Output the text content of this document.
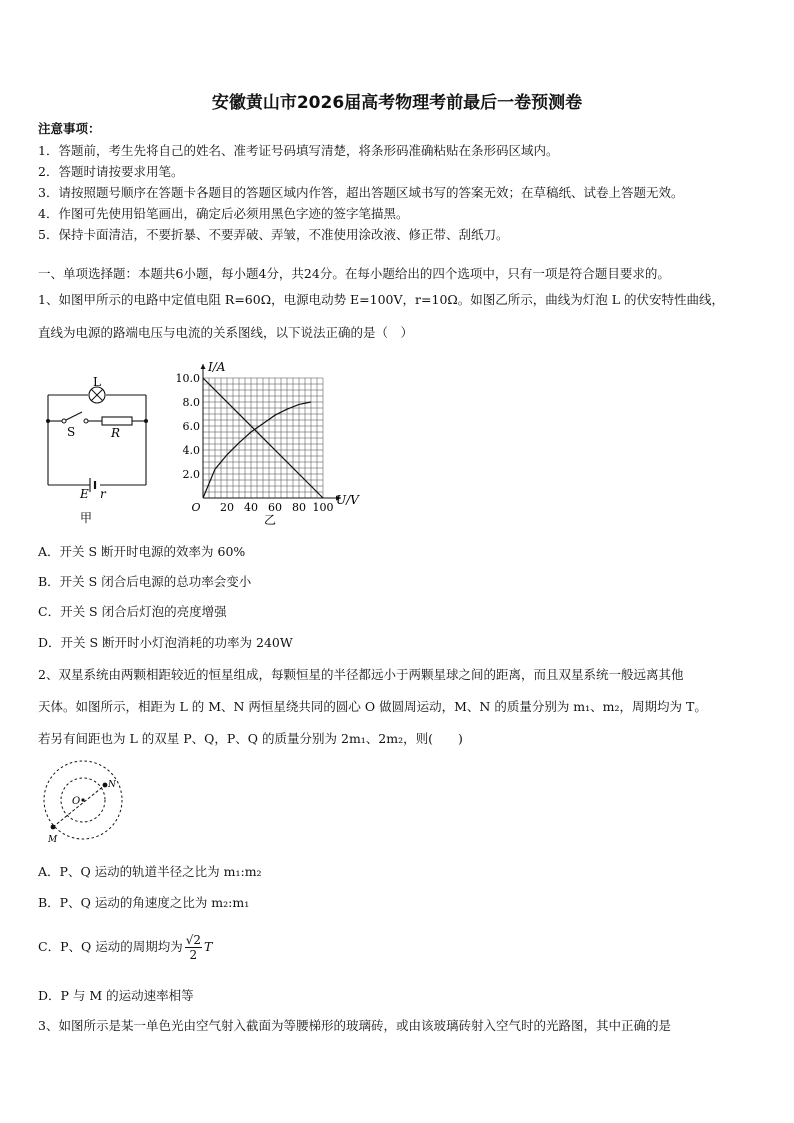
安徽黄山市2026届高考物理考前最后一卷预测卷
注意事项：
1．答题前，考生先将自己的姓名、准考证号码填写清楚，将条形码准确粘贴在条形码区域内。
2．答题时请按要求用笔。
3．请按照题号顺序在答题卡各题目的答题区域内作答，超出答题区域书写的答案无效；在草稿纸、试卷上答题无效。
4．作图可先使用铅笔画出，确定后必须用黑色字迹的签字笔描黑。
5．保持卡面清洁，不要折暴、不要弄破、弄皱，不准使用涂改液、修正带、刮纸刀。
一、单项选择题：本题共6小题，每小题4分，共24分。在每小题给出的四个选项中，只有一项是符合题目要求的。
1、如图甲所示的电路中定值电阻 R=60Ω，电源电动势 E=100V，r=10Ω。如图乙所示，曲线为灯泡 L 的伏安特性曲线，
直线为电源的路端电压与电流的关系图线，以下说法正确的是（　）
L
S	R
E r
甲
O 20 40 60 80 100
2.0
4.0
6.0
8.0
10.0
I/A
U/V
乙
A．开关 S 断开时电源的效率为 60%
B．开关 S 闭合后电源的总功率会变小
C．开关 S 闭合后灯泡的亮度增强
D．开关 S 断开时小灯泡消耗的功率为 240W
2、双星系统由两颗相距较近的恒星组成，每颗恒星的半径都远小于两颗星球之间的距离，而且双星系统一般远离其他
天体。如图所示，相距为 L 的 M、N 两恒星绕共同的圆心 O 做圆周运动，M、N 的质量分别为 m₁、m₂，周期均为 T。
若另有间距也为 L 的双星 P、Q，P、Q 的质量分别为 2m₁、2m₂，则(　　)
O
N
M
A．P、Q 运动的轨道半径之比为 m₁:m₂
B．P、Q 运动的角速度之比为 m₂:m₁
C．P、Q 运动的周期均为 $\frac{√2}{2}$ T
D．P 与 M 的运动速率相等
3、如图所示是某一单色光由空气射入截面为等腰梯形的玻璃砖，或由该玻璃砖射入空气时的光路图，其中正确的是
